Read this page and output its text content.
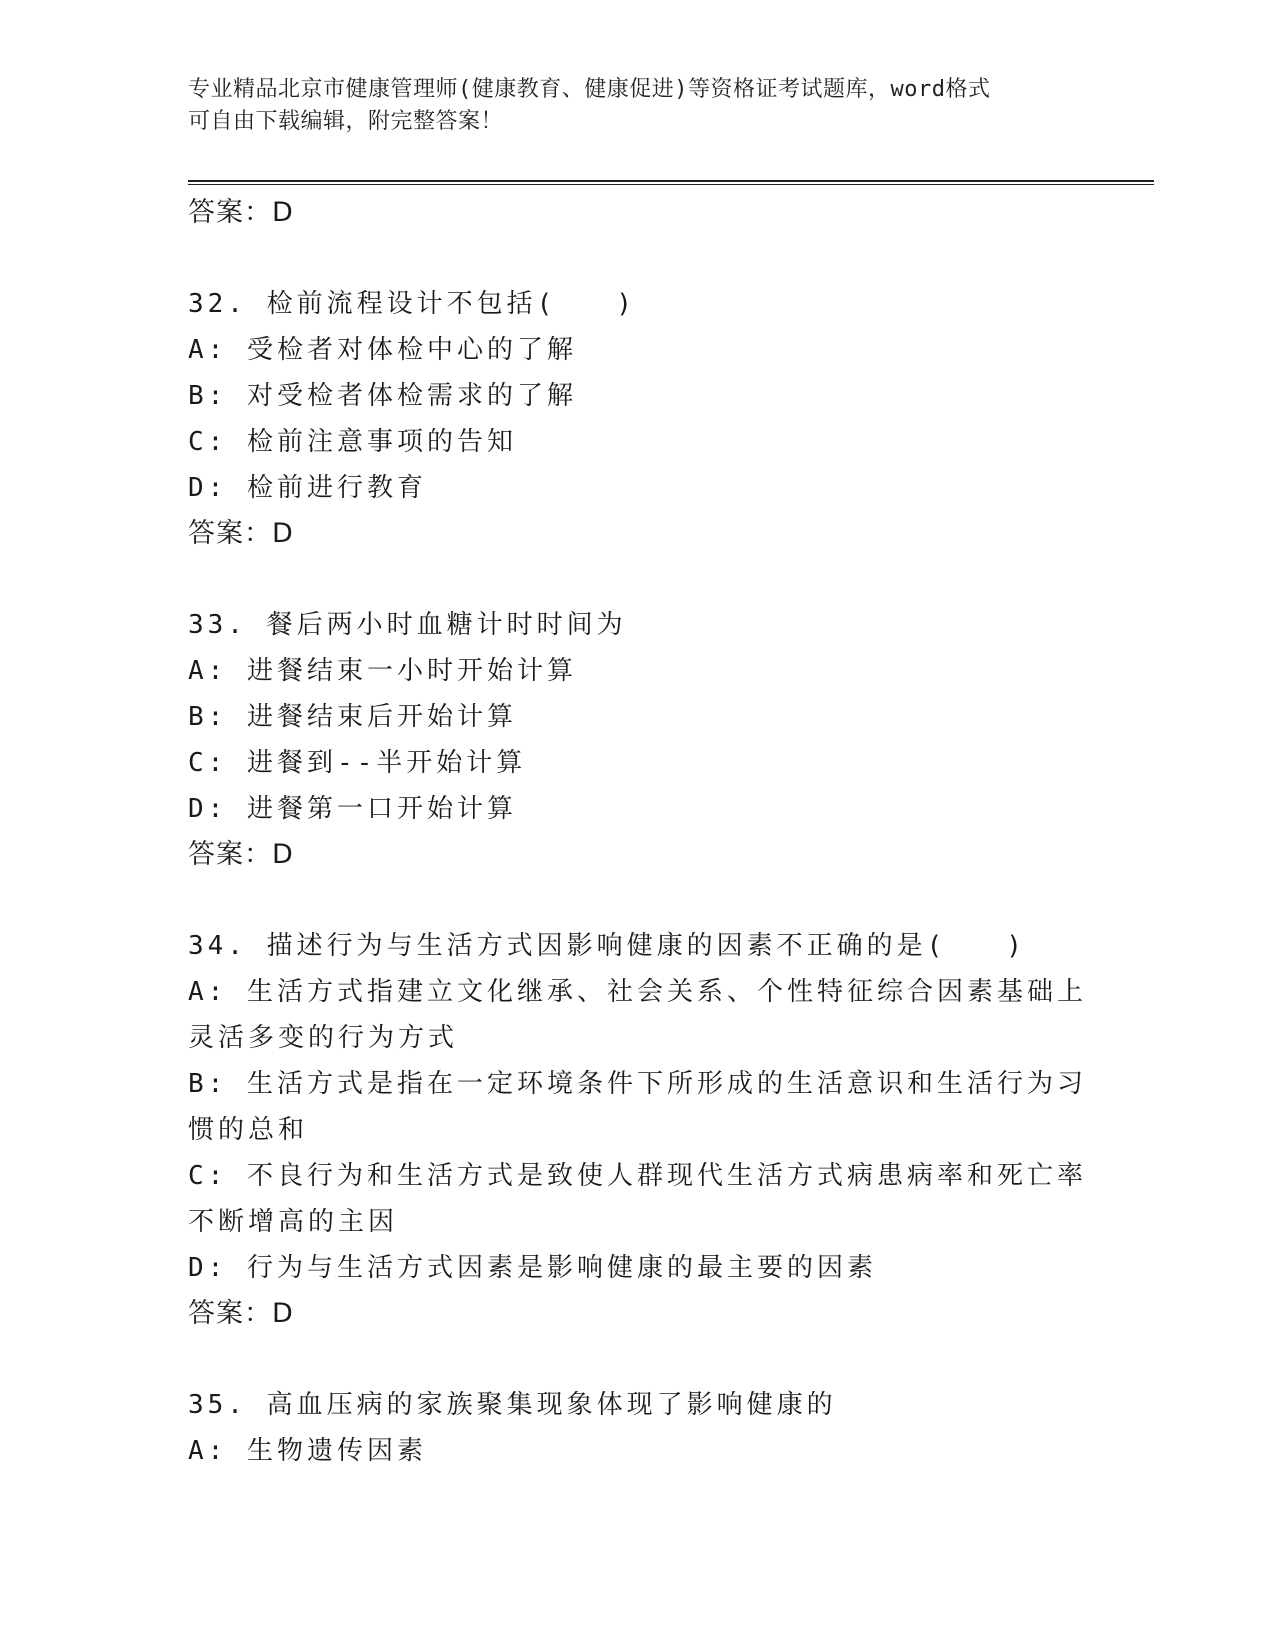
专业精品北京市健康管理师(健康教育、健康促进)等资格证考试题库，word格式
可自由下载编辑，附完整答案！

答案：D

32. 检前流程设计不包括(　　)

A: 受检者对体检中心的了解

B: 对受检者体检需求的了解

C: 检前注意事项的告知

D: 检前进行教育

答案：D

33. 餐后两小时血糖计时时间为

A: 进餐结束一小时开始计算

B: 进餐结束后开始计算

C: 进餐到--半开始计算

D: 进餐第一口开始计算

答案：D

34. 描述行为与生活方式因影响健康的因素不正确的是(　　)

A: 生活方式指建立文化继承、社会关系、个性特征综合因素基础上灵活多变的行为方式

B: 生活方式是指在一定环境条件下所形成的生活意识和生活行为习惯的总和

C: 不良行为和生活方式是致使人群现代生活方式病患病率和死亡率不断增高的主因

D: 行为与生活方式因素是影响健康的最主要的因素

答案：D

35. 高血压病的家族聚集现象体现了影响健康的

A: 生物遗传因素
